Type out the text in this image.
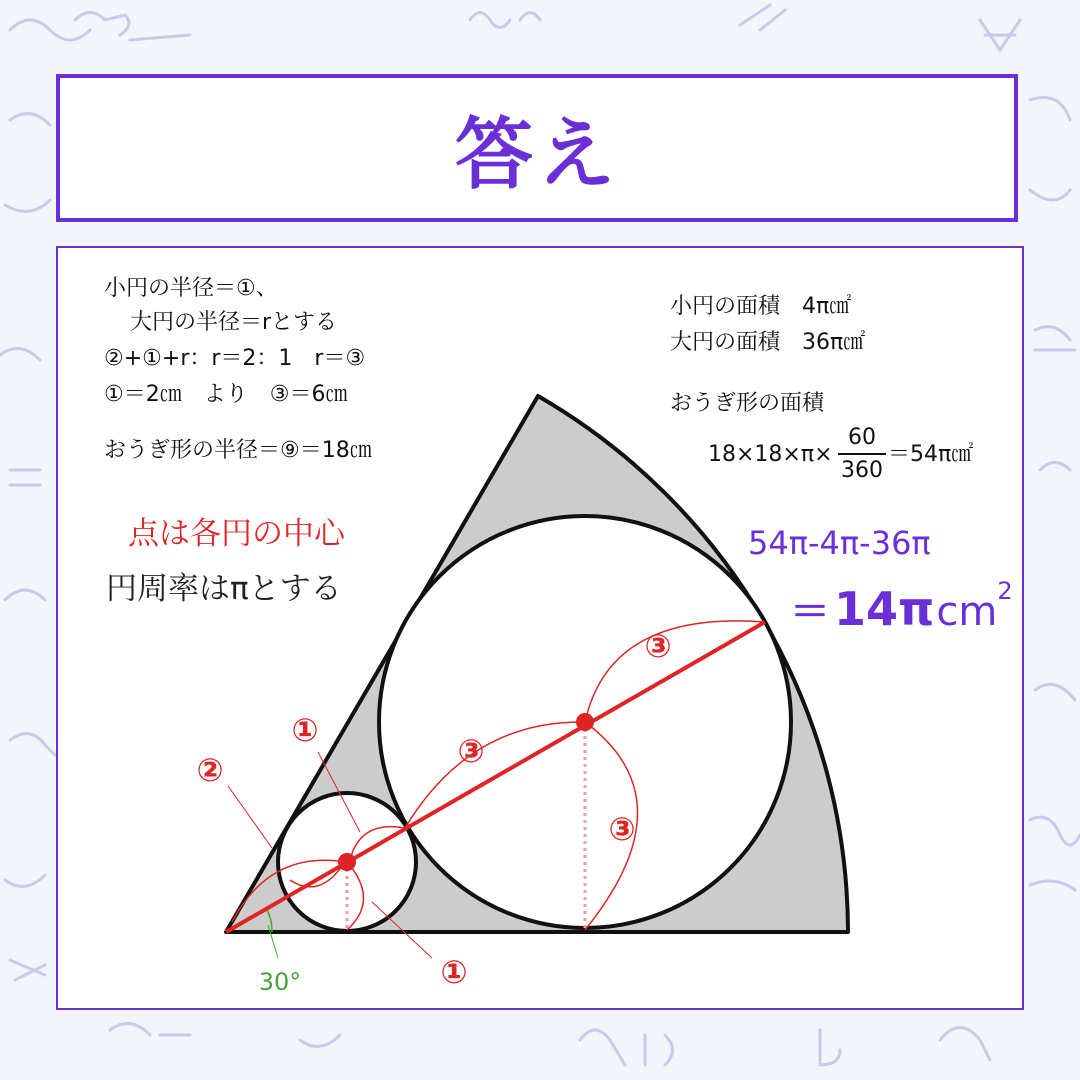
答え
小円の半径＝①、
大円の半径＝rとする
②+①+r：r＝2：1　r＝③
①＝2㎝　より　③＝6㎝
おうぎ形の半径＝⑨＝18㎝
点は各円の中心
円周率はπとする
小円の面積　4π㎠
大円の面積　36π㎠
おうぎ形の面積
18×18×π×
60
360
＝54π㎠
54π-4π-36π
＝ 14π cm 2
②
①
①
③
③
③
30°
